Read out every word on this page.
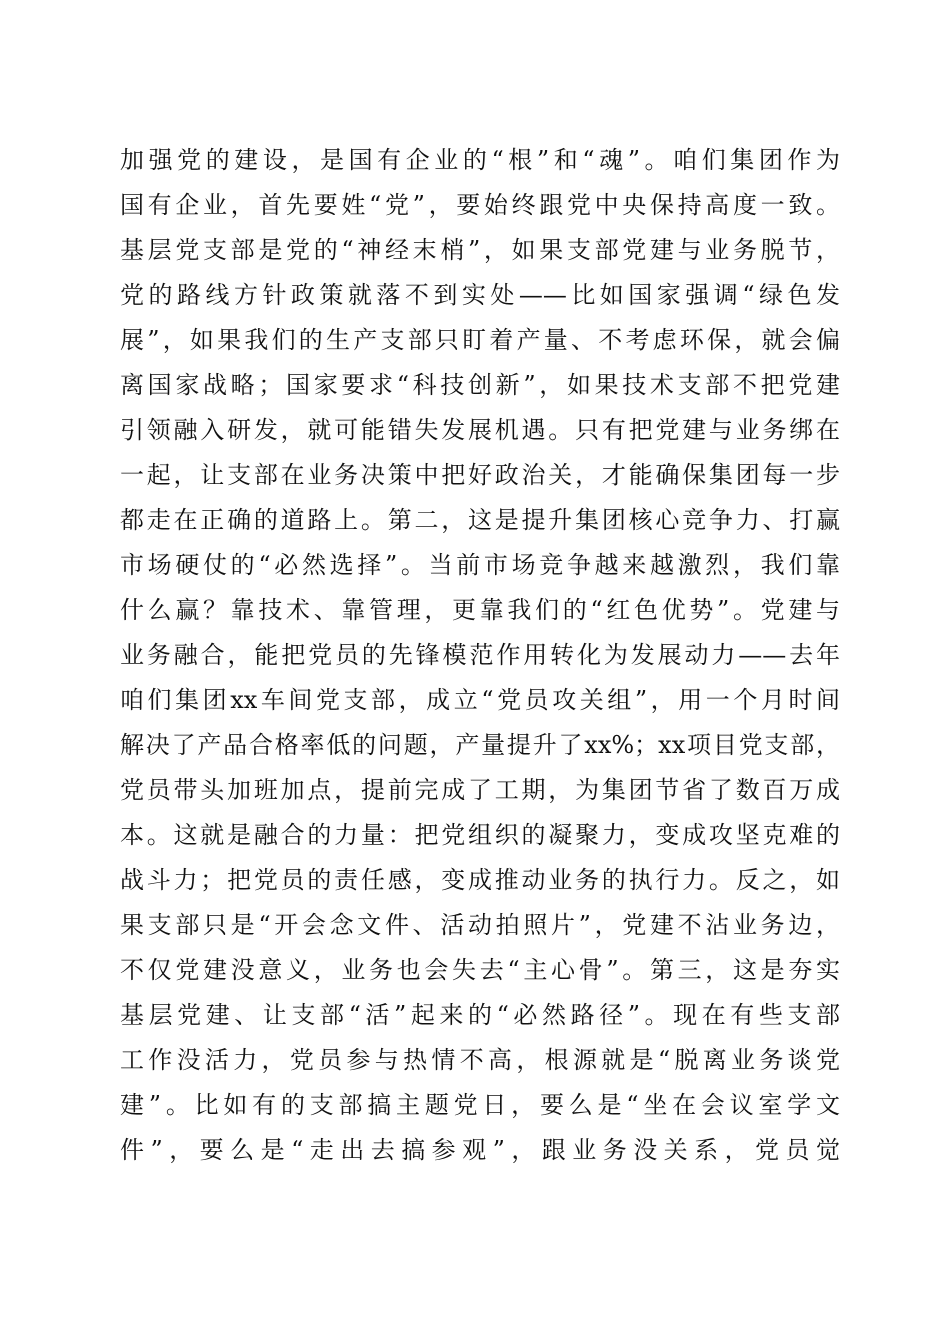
加强党的建设，是国有企业的“根”和“魂”。咱们集团作为
国有企业，首先要姓“党”，要始终跟党中央保持高度一致。
基层党支部是党的“神经末梢”，如果支部党建与业务脱节，
党的路线方针政策就落不到实处——比如国家强调“绿色发
展”，如果我们的生产支部只盯着产量、不考虑环保，就会偏
离国家战略；国家要求“科技创新”，如果技术支部不把党建
引领融入研发，就可能错失发展机遇。只有把党建与业务绑在
一起，让支部在业务决策中把好政治关，才能确保集团每一步
都走在正确的道路上。第二，这是提升集团核心竞争力、打赢
市场硬仗的“必然选择”。当前市场竞争越来越激烈，我们靠
什么赢？靠技术、靠管理，更靠我们的“红色优势”。党建与
业务融合，能把党员的先锋模范作用转化为发展动力——去年
咱们集团xx车间党支部，成立“党员攻关组”，用一个月时间
解决了产品合格率低的问题，产量提升了xx%；xx项目党支部，
党员带头加班加点，提前完成了工期，为集团节省了数百万成
本。这就是融合的力量：把党组织的凝聚力，变成攻坚克难的
战斗力；把党员的责任感，变成推动业务的执行力。反之，如
果支部只是“开会念文件、活动拍照片”，党建不沾业务边，
不仅党建没意义，业务也会失去“主心骨”。第三，这是夯实
基层党建、让支部“活”起来的“必然路径”。现在有些支部
工作没活力，党员参与热情不高，根源就是“脱离业务谈党
建”。比如有的支部搞主题党日，要么是“坐在会议室学文
件”，要么是“走出去搞参观”，跟业务没关系，党员觉
